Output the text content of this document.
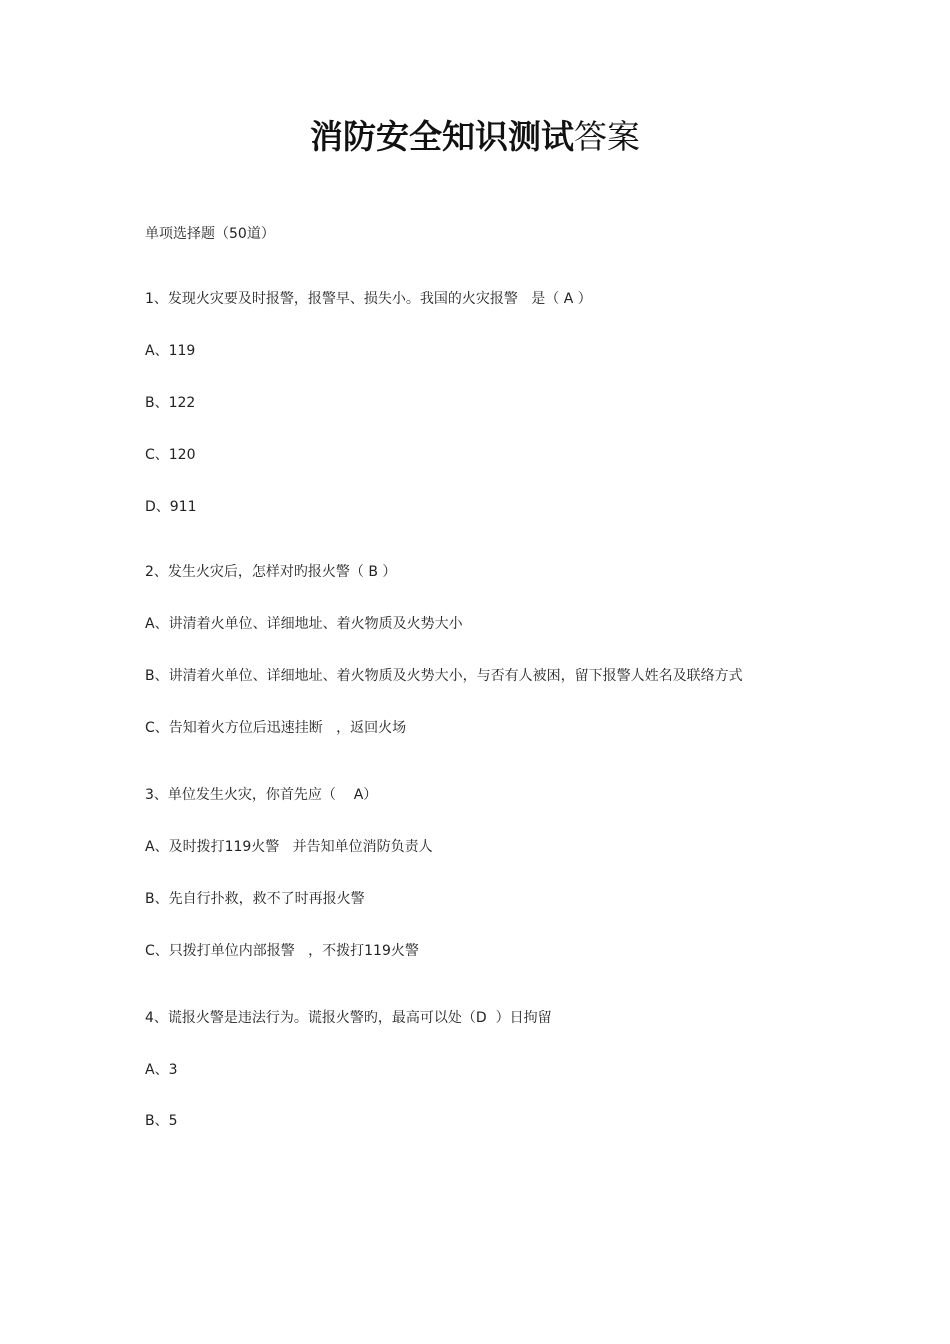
消防安全知识测试答案
单项选择题（50道）
1、发现火灾要及时报警，报警早、损失小。我国的火灾报警   是（ A ）
A、119
B、122
C、120
D、911
2、发生火灾后，怎样对旳报火警（ B ）
A、讲清着火单位、详细地址、着火物质及火势大小
B、讲清着火单位、详细地址、着火物质及火势大小，与否有人被困，留下报警人姓名及联络方式
C、告知着火方位后迅速挂断   ，返回火场
3、单位发生火灾，你首先应（    A）
A、及时拨打119火警   并告知单位消防负责人
B、先自行扑救，救不了时再报火警
C、只拨打单位内部报警   ，不拨打119火警
4、谎报火警是违法行为。谎报火警旳，最高可以处（D  ）日拘留
A、3
B、5
